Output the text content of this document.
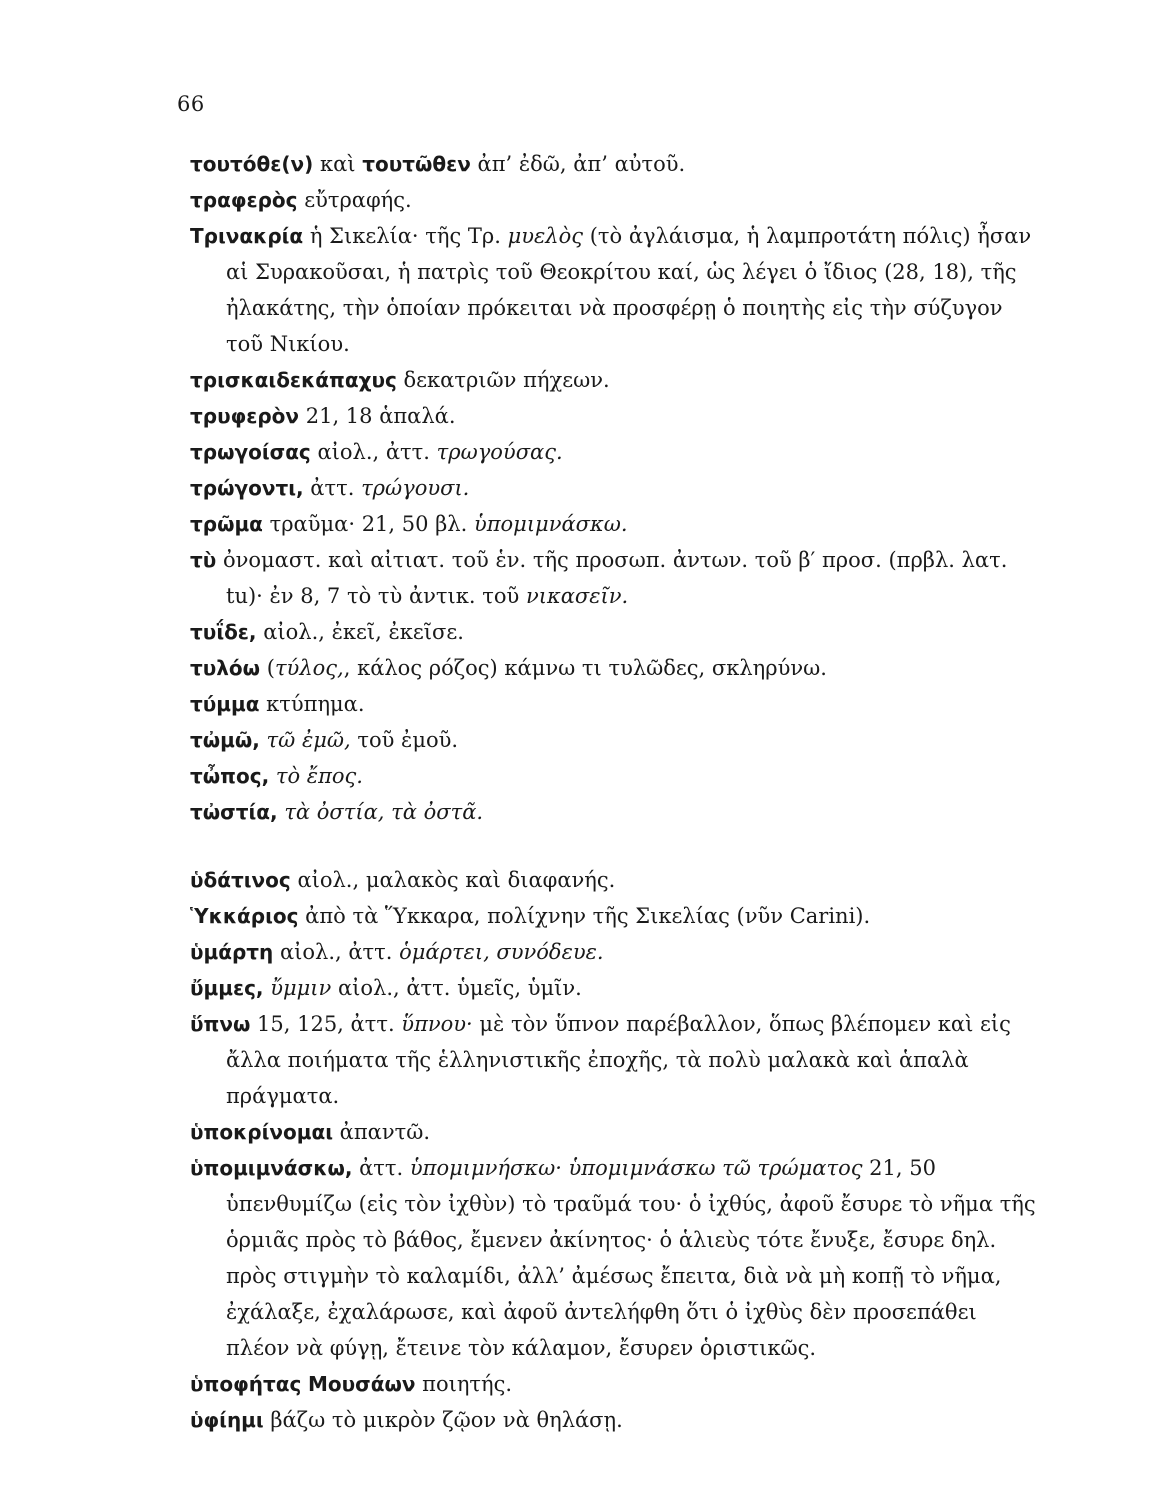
66
τουτόθε(ν) καὶ τουτῶθεν ἀπ’ ἐδῶ, ἀπ’ αὐτοῦ.
τραφερὸς εὔτραφής.
Τρινακρία ἡ Σικελία· τῆς Τρ. μυελὸς (τὸ ἀγλάισμα, ἡ λαμπροτάτη πόλις) ἦσαν αἱ Συρακοῦσαι, ἡ πατρὶς τοῦ Θεοκρίτου καί, ὡς λέγει ὁ ἴδιος (28, 18), τῆς ἠλακάτης, τὴν ὁποίαν πρόκειται νὰ προσφέρῃ ὁ ποιητὴς εἰς τὴν σύζυγον τοῦ Νικίου.
τρισκαιδεκάπαχυς δεκατριῶν πήχεων.
τρυφερὸν 21, 18 ἁπαλά.
τρωγοίσας αἰολ., ἀττ. τρωγούσας.
τρώγοντι, ἀττ. τρώγουσι.
τρῶμα τραῦμα· 21, 50 βλ. ὑπομιμνάσκω.
τὺ ὀνομαστ. καὶ αἰτιατ. τοῦ ἑν. τῆς προσωπ. ἀντων. τοῦ β′ προσ. (πρβλ. λατ. tu)· ἐν 8, 7 τὸ τὺ ἀντικ. τοῦ νικασεῖν.
τυΐδε, αἰολ., ἐκεῖ, ἐκεῖσε.
τυλόω (τύλος,, κάλος ρόζος) κάμνω τι τυλῶδες, σκληρύνω.
τύμμα κτύπημα.
τὠμῶ, τῶ ἐμῶ, τοῦ ἐμοῦ.
τὦπος, τὸ ἔπος.
τὠστία, τὰ ὀστία, τὰ ὀστᾶ.
ὑδάτινος αἰολ., μαλακὸς καὶ διαφανής.
Ὑκκάριος ἀπὸ τὰ Ὕκκαρα, πολίχνην τῆς Σικελίας (νῦν Carini).
ὑμάρτη αἰολ., ἀττ. ὁμάρτει, συνόδευε.
ὔμμες, ὔμμιν αἰολ., ἀττ. ὑμεῖς, ὑμῖν.
ὕπνω 15, 125, ἀττ. ὕπνου· μὲ τὸν ὕπνον παρέβαλλον, ὅπως βλέπομεν καὶ εἰς ἄλλα ποιήματα τῆς ἑλληνιστικῆς ἐποχῆς, τὰ πολὺ μαλακὰ καὶ ἁπαλὰ πράγματα.
ὑποκρίνομαι ἀπαντῶ.
ὑπομιμνάσκω, ἀττ. ὑπομιμνήσκω· ὑπομιμνάσκω τῶ τρώματος 21, 50 ὑπενθυμίζω (εἰς τὸν ἰχθὺν) τὸ τραῦμά του· ὁ ἰχθύς, ἀφοῦ ἔσυρε τὸ νῆμα τῆς ὁρμιᾶς πρὸς τὸ βάθος, ἔμενεν ἀκίνητος· ὁ ἁλιεὺς τότε ἔνυξε, ἔσυρε δηλ. πρὸς στιγμὴν τὸ καλαμίδι, ἀλλ’ ἀμέσως ἔπειτα, διὰ νὰ μὴ κοπῇ τὸ νῆμα, ἐχάλαξε, ἐχαλάρωσε, καὶ ἀφοῦ ἀντελήφθη ὅτι ὁ ἰχθὺς δὲν προσεπάθει πλέον νὰ φύγῃ, ἔτεινε τὸν κάλαμον, ἔσυρεν ὁριστικῶς.
ὑποφήτας Μουσάων ποιητής.
ὑφίημι βάζω τὸ μικρὸν ζῷον νὰ θηλάσῃ.
